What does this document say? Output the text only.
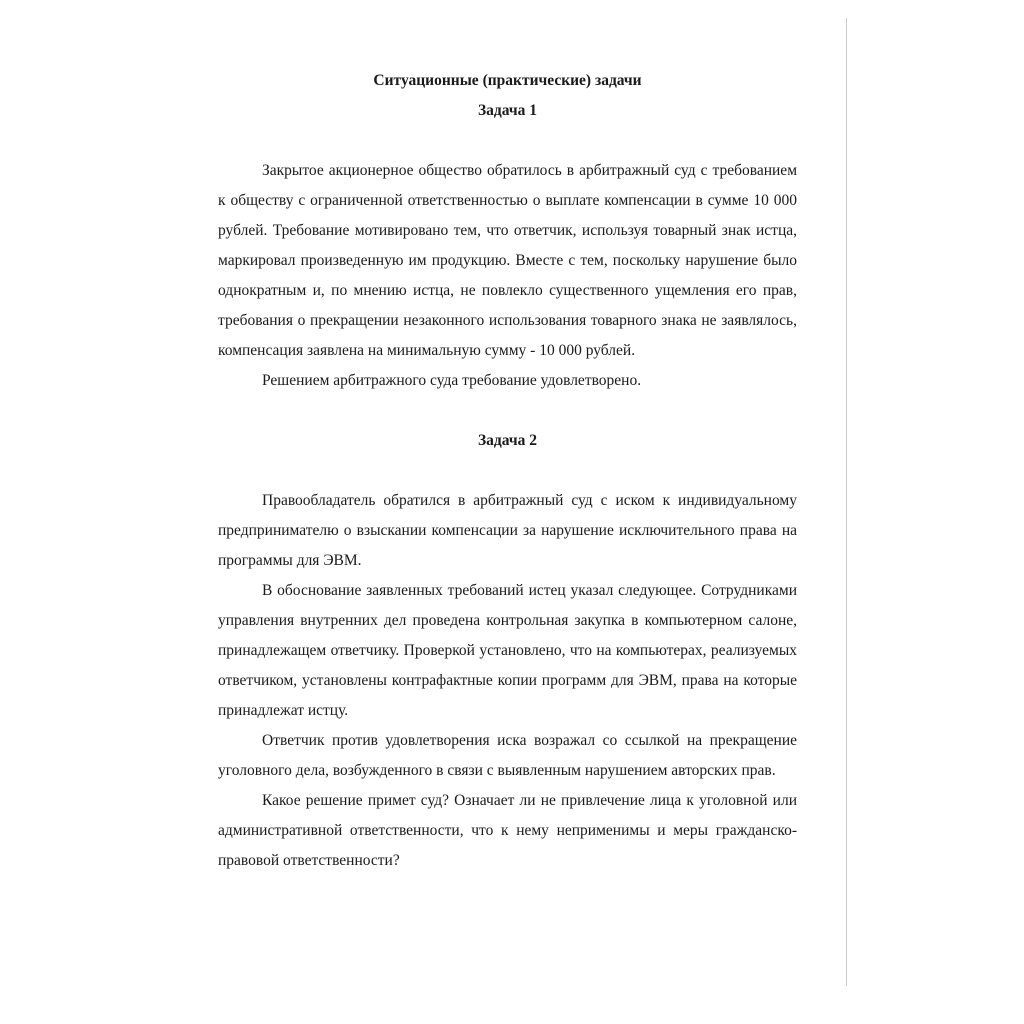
Ситуационные (практические) задачи

Задача 1

Закрытое акционерное общество обратилось в арбитражный суд с требованием к обществу с ограниченной ответственностью о выплате компенсации в сумме 10 000 рублей. Требование мотивировано тем, что ответчик, используя товарный знак истца, маркировал произведенную им продукцию. Вместе с тем, поскольку нарушение было однократным и, по мнению истца, не повлекло существенного ущемления его прав, требования о прекращении незаконного использования товарного знака не заявлялось, компенсация заявлена на минимальную сумму - 10 000 рублей.

Решением арбитражного суда требование удовлетворено.

Задача 2

Правообладатель обратился в арбитражный суд с иском к индивидуальному предпринимателю о взыскании компенсации за нарушение исключительного права на программы для ЭВМ.

В обоснование заявленных требований истец указал следующее. Сотрудниками управления внутренних дел проведена контрольная закупка в компьютерном салоне, принадлежащем ответчику. Проверкой установлено, что на компьютерах, реализуемых ответчиком, установлены контрафактные копии программ для ЭВМ, права на которые принадлежат истцу.

Ответчик против удовлетворения иска возражал со ссылкой на прекращение уголовного дела, возбужденного в связи с выявленным нарушением авторских прав.

Какое решение примет суд? Означает ли не привлечение лица к уголовной или административной ответственности, что к нему неприменимы и меры гражданско-правовой ответственности?
